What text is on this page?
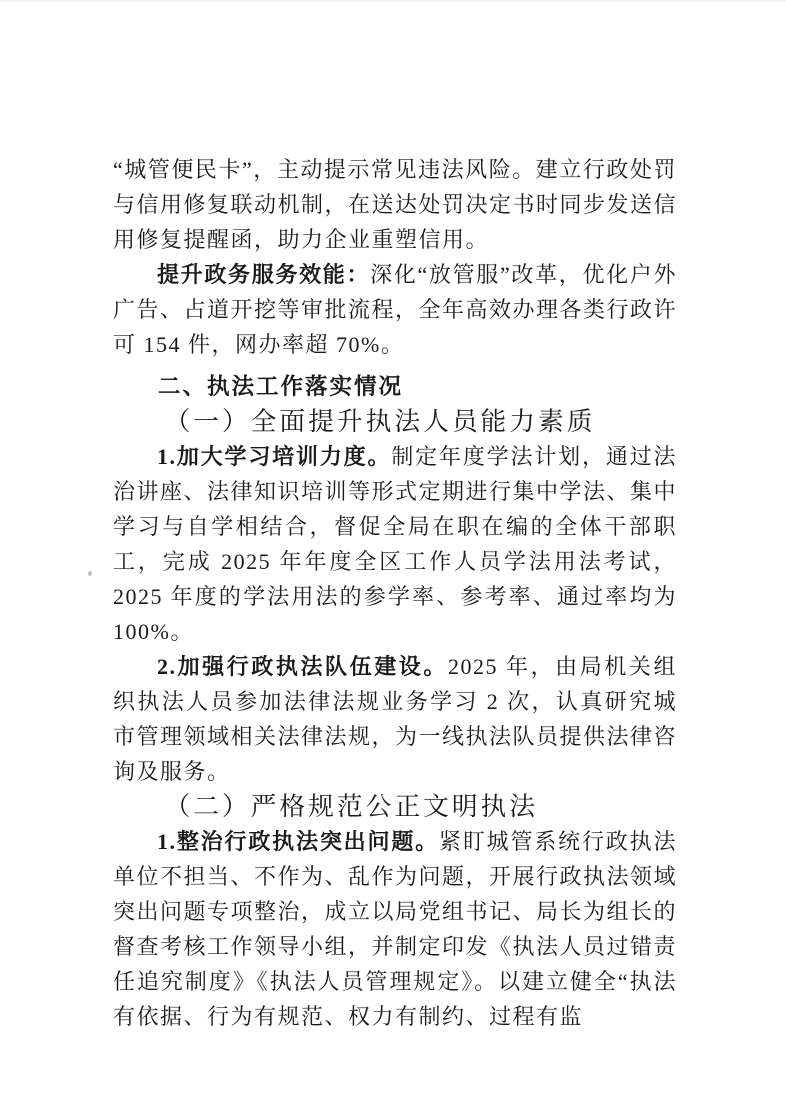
“城管便民卡”，主动提示常见违法风险。建立行政处罚与信用修复联动机制，在送达处罚决定书时同步发送信用修复提醒函，助力企业重塑信用。

提升政务服务效能：深化“放管服”改革，优化户外广告、占道开挖等审批流程，全年高效办理各类行政许可 154 件，网办率超 70%。

二、执法工作落实情况
（一）全面提升执法人员能力素质

1.加大学习培训力度。制定年度学法计划，通过法治讲座、法律知识培训等形式定期进行集中学法、集中学习与自学相结合，督促全局在职在编的全体干部职工，完成 2025 年年度全区工作人员学法用法考试，2025 年度的学法用法的参学率、参考率、通过率均为 100%。

2.加强行政执法队伍建设。2025 年，由局机关组织执法人员参加法律法规业务学习 2 次，认真研究城市管理领域相关法律法规，为一线执法队员提供法律咨询及服务。

（二）严格规范公正文明执法

1.整治行政执法突出问题。紧盯城管系统行政执法单位不担当、不作为、乱作为问题，开展行政执法领域突出问题专项整治，成立以局党组书记、局长为组长的督查考核工作领导小组，并制定印发《执法人员过错责任追究制度》《执法人员管理规定》。以建立健全“执法有依据、行为有规范、权力有制约、过程有监
